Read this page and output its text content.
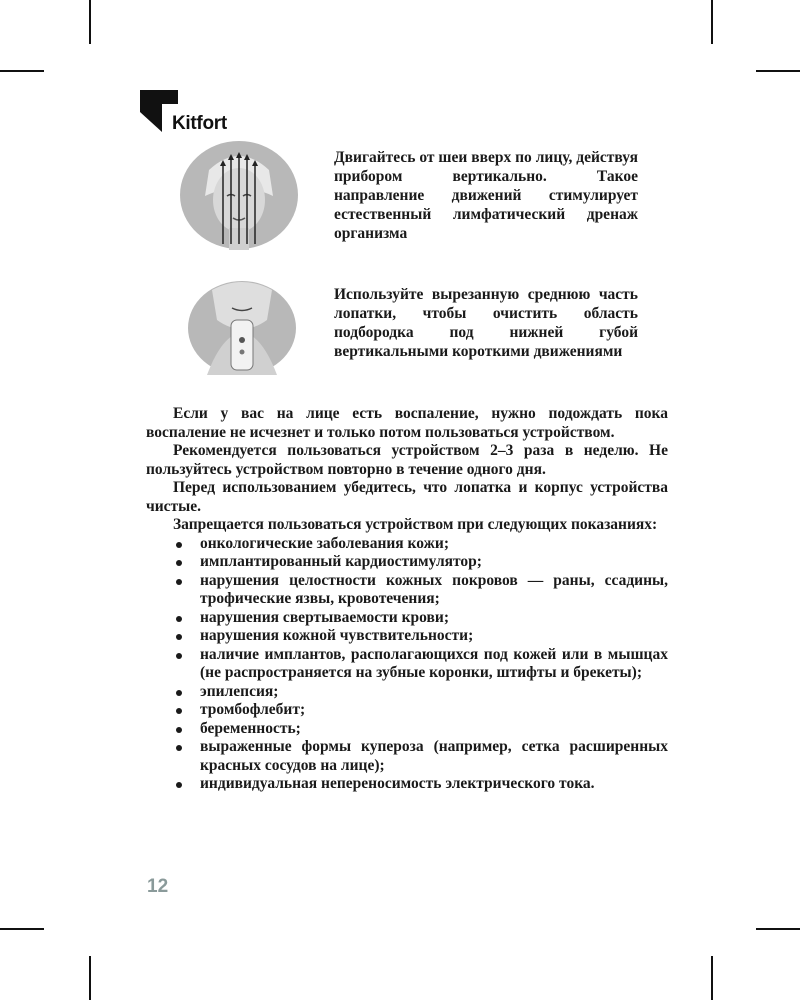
Kitfort
Двигайтесь от шеи вверх по лицу, действуя прибором вертикально. Такое направление движений стимулирует естественный лимфатический дренаж организма
Используйте вырезанную среднюю часть лопатки, чтобы очистить область подбородка под нижней губой вертикальными короткими движениями

Если у вас на лице есть воспаление, нужно подождать пока воспаление не исчезнет и только потом пользоваться устройством.

Рекомендуется пользоваться устройством 2–3 раза в неделю. Не пользуйтесь устройством повторно в течение одного дня.

Перед использованием убедитесь, что лопатка и корпус устройства чистые.

Запрещается пользоваться устройством при следующих показаниях:

онкологические заболевания кожи;
имплантированный кардиостимулятор;
нарушения целостности кожных покровов — раны, ссадины, трофические язвы, кровотечения;
нарушения свертываемости крови;
нарушения кожной чувствительности;
наличие имплантов, располагающихся под кожей или в мышцах (не распространяется на зубные коронки, штифты и брекеты);
эпилепсия;
тромбофлебит;
беременность;
выраженные формы купероза (например, сетка расширенных красных сосудов на лице);
индивидуальная непереносимость электрического тока.
12
